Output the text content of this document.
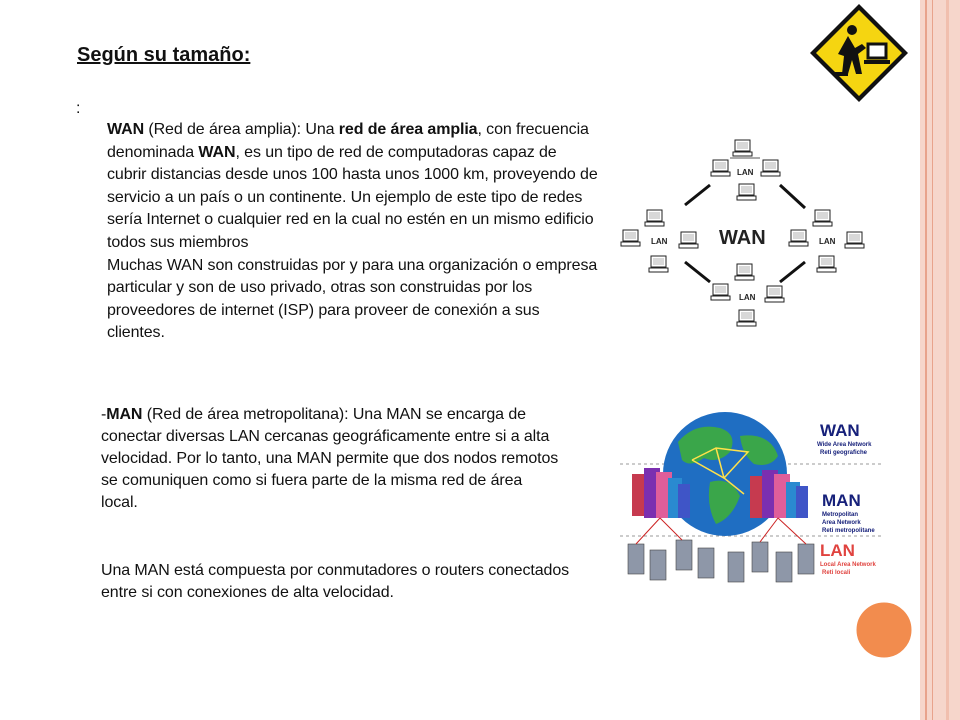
Según su tamaño:
:

WAN (Red de área amplia): Una red de área amplia, con frecuencia denominada WAN, es un tipo de red de computadoras capaz de cubrir distancias desde unos 100 hasta unos 1000 km, proveyendo de servicio a un país o un continente. Un ejemplo de este tipo de redes sería Internet o cualquier red en la cual no estén en un mismo edificio todos sus miembros
Muchas WAN son construidas por y para una organización o empresa particular y son de uso privado, otras son construidas por los proveedores de internet (ISP) para proveer de conexión a sus clientes.

-MAN (Red de área metropolitana): Una MAN se encarga de conectar diversas LAN cercanas geográficamente entre si a alta velocidad. Por lo tanto, una MAN permite que dos nodos remotos se comuniquen como si fuera parte de la misma red de área local.

Una MAN está compuesta por conmutadores o routers conectados entre si con conexiones de alta velocidad.

LAN
LAN	LAN
LAN
WAN
WAN
Wide Area Network
Reti geografiche
MAN
Metropolitan
Area Network
Reti metropolitane
LAN
Local Area Network
Reti locali
